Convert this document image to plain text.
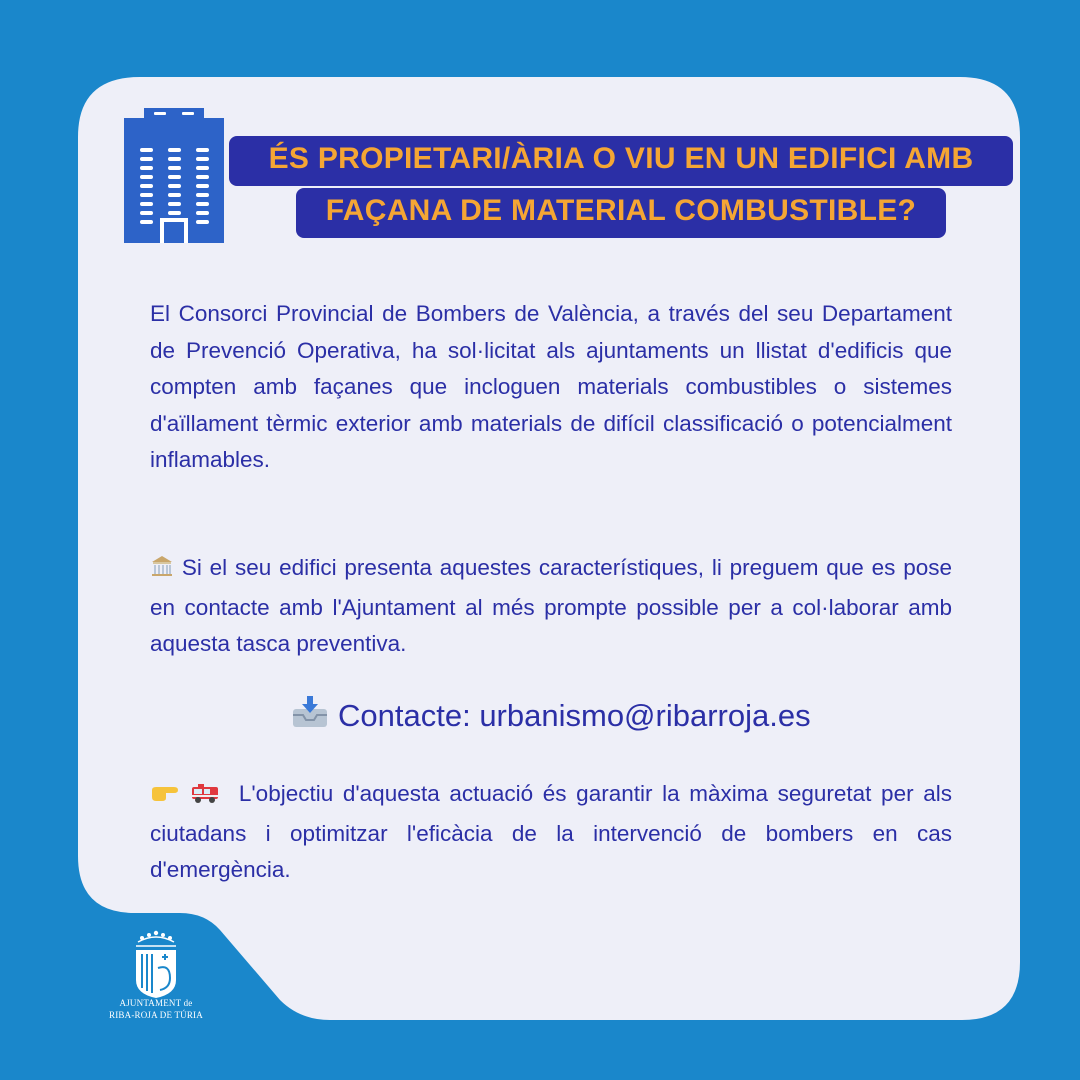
ÉS PROPIETARI/ÀRIA O VIU EN UN EDIFICI AMB
FAÇANA DE MATERIAL COMBUSTIBLE?

El Consorci Provincial de Bombers de València, a través del seu Departament de Prevenció Operativa, ha sol·licitat als ajuntaments un llistat d'edificis que compten amb façanes que incloguen materials combustibles o sistemes d'aïllament tèrmic exterior amb materials de difícil classificació o potencialment inflamables.

Si el seu edifici presenta aquestes característiques, li preguem que es pose en contacte amb l'Ajuntament al més prompte possible per a col·laborar amb aquesta tasca preventiva.

Contacte: urbanismo@ribarroja.es

L'objectiu d'aquesta actuació és garantir la màxima seguretat per als ciutadans i optimitzar l'eficàcia de la intervenció de bombers en cas d'emergència.

AJUNTAMENT de
RIBA-ROJA DE TÚRIA
